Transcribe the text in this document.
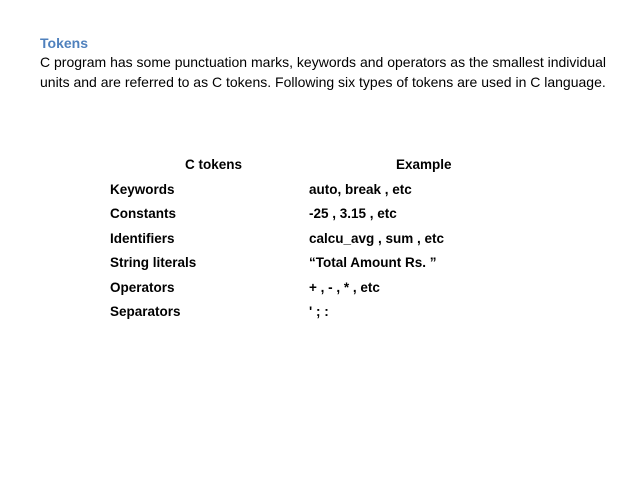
Tokens
C program has some punctuation marks, keywords and operators as the smallest individual units and are referred to as C tokens. Following six types of tokens are used in C language.
C tokens	Example
Keywords	auto, break , etc
Constants	-25 , 3.15 , etc
Identifiers	calcu_avg , sum , etc
String literals	“Total Amount Rs. ”
Operators	+ , - , * , etc
Separators	' ; :
